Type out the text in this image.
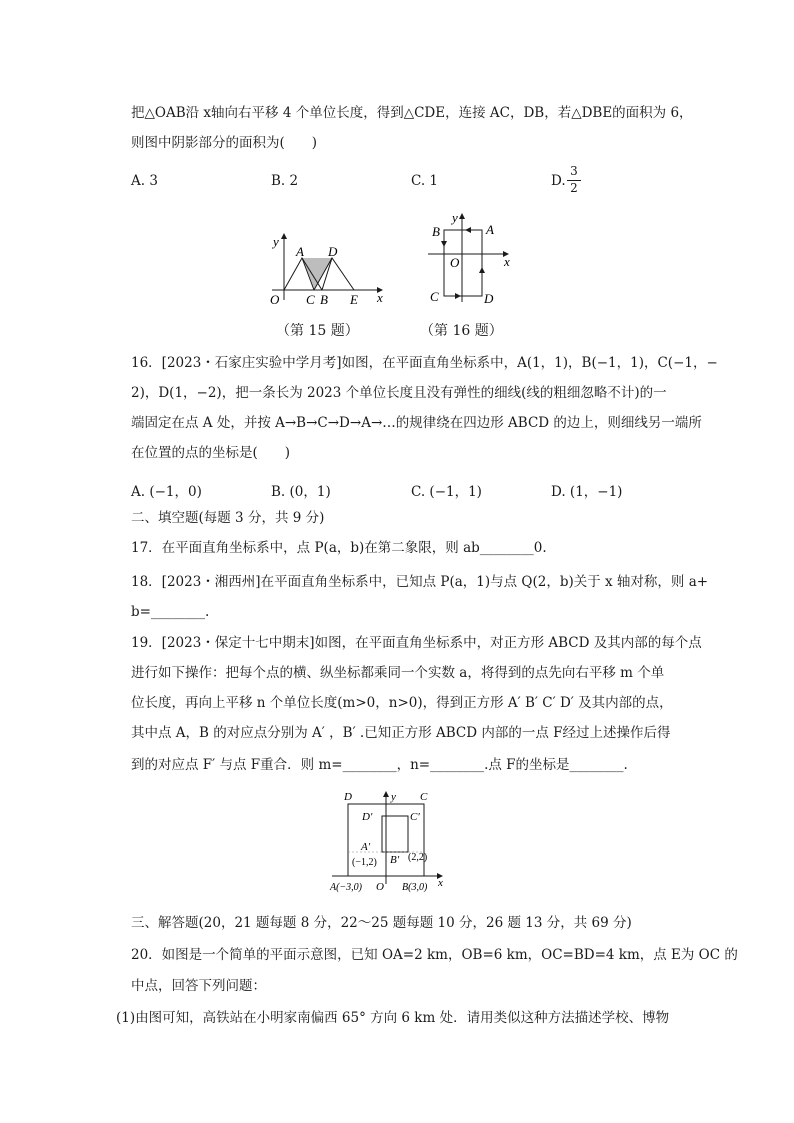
把△OAB沿 x轴向右平移 4 个单位长度，得到△CDE，连接 AC，DB，若△DBE的面积为 6，
则图中阴影部分的面积为(　　)
A. 3	B. 2	C. 1	D.
3
2
y
x
O
A
C B
D
E
y
x
O
A
B
C	D
（第 15 题）	（第 16 题）
16．[2023・石家庄实验中学月考]如图，在平面直角坐标系中，A(1，1)，B(−1，1)，C(−1，−
2)，D(1，−2)，把一条长为 2023 个单位长度且没有弹性的细线(线的粗细忽略不计)的一
端固定在点 A 处，并按 A→B→C→D→A→…的规律绕在四边形 ABCD 的边上，则细线另一端所
在位置的点的坐标是(　　)
A. (−1，0)	B. (0，1)	C. (−1，1)	D. (1，−1)
二、填空题(每题 3 分，共 9 分)
17．在平面直角坐标系中，点 P(a，b)在第二象限，则 ab________0.
18．[2023・湘西州]在平面直角坐标系中，已知点 P(a，1)与点 Q(2，b)关于 x 轴对称，则 a+
b=________.
19．[2023・保定十七中期末]如图，在平面直角坐标系中，对正方形 ABCD 及其内部的每个点
进行如下操作：把每个点的横、纵坐标都乘同一个实数 a，将得到的点先向右平移 m 个单
位长度，再向上平移 n 个单位长度(m>0，n>0)，得到正方形 A′ B′ C′ D′ 及其内部的点，
其中点 A，B 的对应点分别为 A′ ，B′ .已知正方形 ABCD 内部的一点 F经过上述操作后得
到的对应点 F′ 与点 F重合．则 m=________，n=________.点 F的坐标是________.
D	y C
D′	C′
A′
(−1,2) B′ (2,2)
A(−3,0) O B(3,0) x
三、解答题(20，21 题每题 8 分，22～25 题每题 10 分，26 题 13 分，共 69 分)
20．如图是一个简单的平面示意图，已知 OA=2 km，OB=6 km，OC=BD=4 km，点 E为 OC 的
中点，回答下列问题：
(1)由图可知，高铁站在小明家南偏西 65° 方向 6 km 处．请用类似这种方法描述学校、博物
